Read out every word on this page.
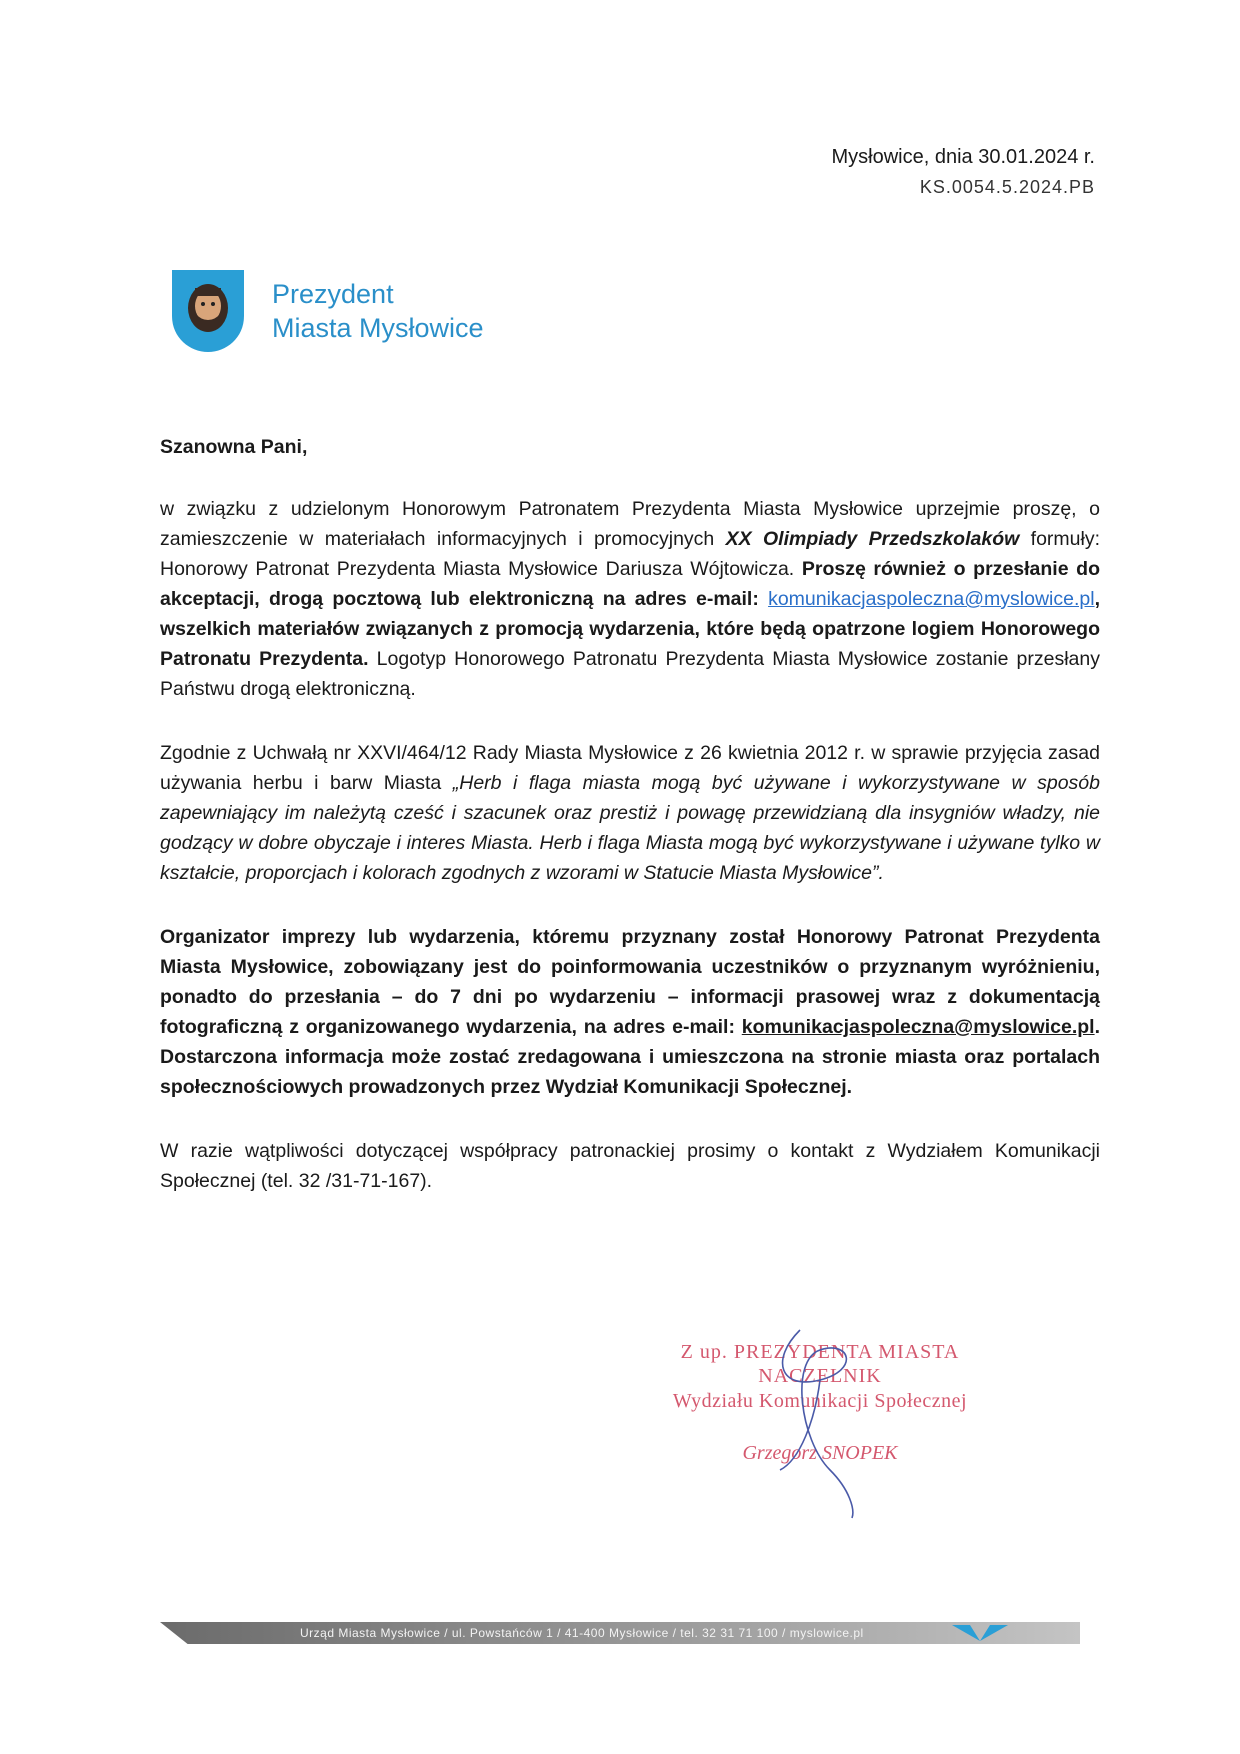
Mysłowice, dnia 30.01.2024 r.
KS.0054.5.2024.PB
Prezydent
Miasta Mysłowice

Szanowna Pani,

w związku z udzielonym Honorowym Patronatem Prezydenta Miasta Mysłowice uprzejmie proszę, o zamieszczenie w materiałach informacyjnych i promocyjnych XX Olimpiady Przedszkolaków formuły: Honorowy Patronat Prezydenta Miasta Mysłowice Dariusza Wójtowicza. Proszę również o przesłanie do akceptacji, drogą pocztową lub elektroniczną na adres e-mail: komunikacjaspoleczna@myslowice.pl, wszelkich materiałów związanych z promocją wydarzenia, które będą opatrzone logiem Honorowego Patronatu Prezydenta. Logotyp Honorowego Patronatu Prezydenta Miasta Mysłowice zostanie przesłany Państwu drogą elektroniczną.

Zgodnie z Uchwałą nr XXVI/464/12 Rady Miasta Mysłowice z 26 kwietnia 2012 r. w sprawie przyjęcia zasad używania herbu i barw Miasta „Herb i flaga miasta mogą być używane i wykorzystywane w sposób zapewniający im należytą cześć i szacunek oraz prestiż i powagę przewidzianą dla insygniów władzy, nie godzący w dobre obyczaje i interes Miasta. Herb i flaga Miasta mogą być wykorzystywane i używane tylko w kształcie, proporcjach i kolorach zgodnych z wzorami w Statucie Miasta Mysłowice”.

Organizator imprezy lub wydarzenia, któremu przyznany został Honorowy Patronat Prezydenta Miasta Mysłowice, zobowiązany jest do poinformowania uczestników o przyznanym wyróżnieniu, ponadto do przesłania – do 7 dni po wydarzeniu – informacji prasowej wraz z dokumentacją fotograficzną z organizowanego wydarzenia, na adres e-mail: komunikacjaspoleczna@myslowice.pl. Dostarczona informacja może zostać zredagowana i umieszczona na stronie miasta oraz portalach społecznościowych prowadzonych przez Wydział Komunikacji Społecznej.

W razie wątpliwości dotyczącej współpracy patronackiej prosimy o kontakt z Wydziałem Komunikacji Społecznej (tel. 32 /31-71-167).

Z up. PREZYDENTA MIASTA
NACZELNIK
Wydziału Komunikacji Społecznej
Grzegorz SNOPEK
Urząd Miasta Mysłowice / ul. Powstańców 1 / 41-400 Mysłowice / tel. 32 31 71 100 / myslowice.pl
